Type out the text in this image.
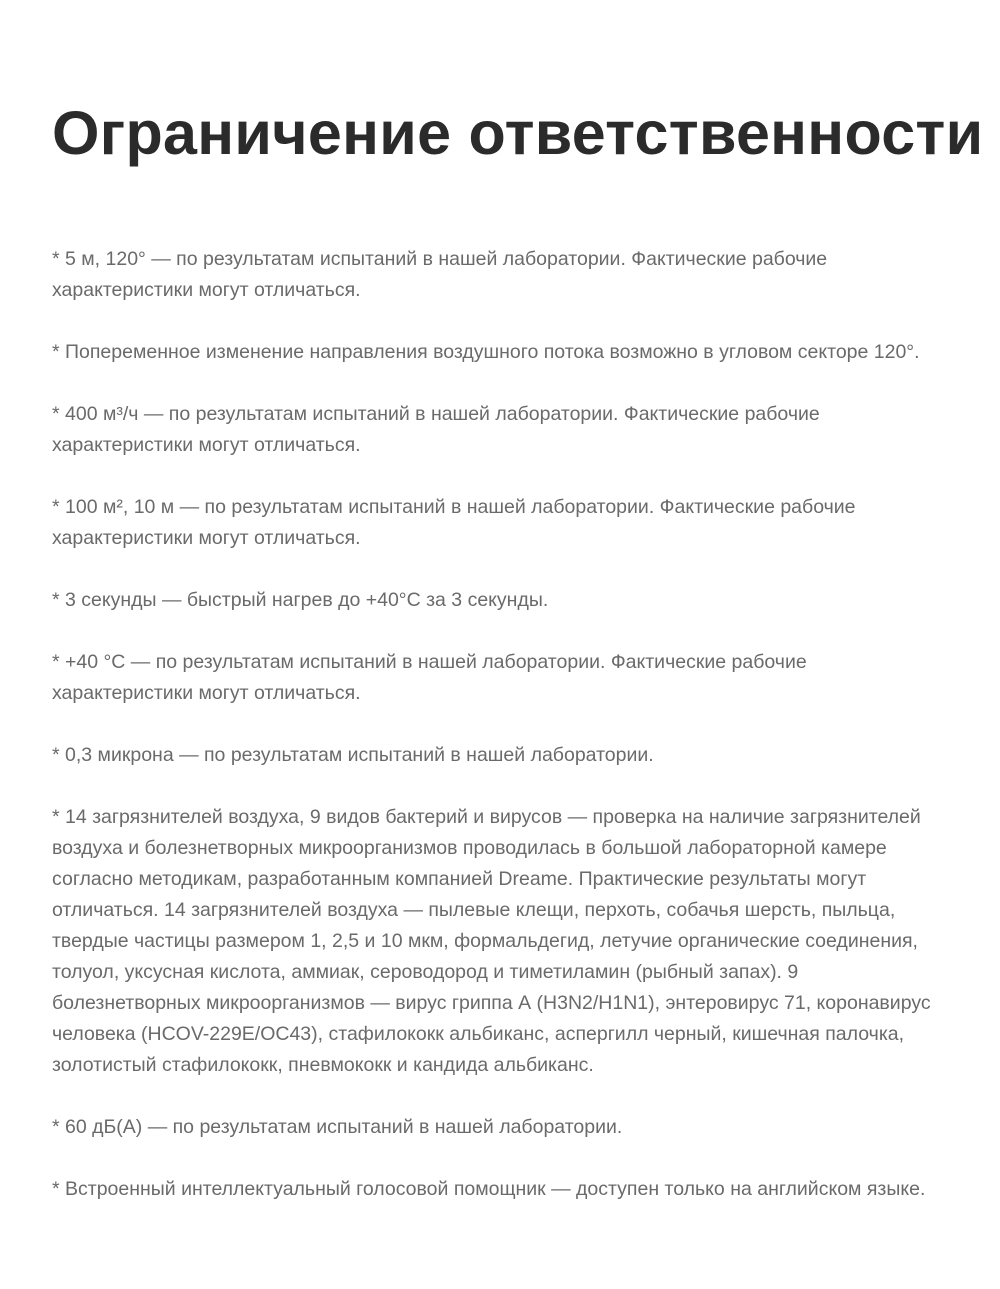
Ограничение ответственности

* 5 м, 120° — по результатам испытаний в нашей лаборатории. Фактические рабочие характеристики могут отличаться.

* Попеременное изменение направления воздушного потока возможно в угловом секторе 120°.

* 400 м³/ч — по результатам испытаний в нашей лаборатории. Фактические рабочие характеристики могут отличаться.

* 100 м², 10 м — по результатам испытаний в нашей лаборатории. Фактические рабочие характеристики могут отличаться.

* 3 секунды — быстрый нагрев до +40°C за 3 секунды.

* +40 °C — по результатам испытаний в нашей лаборатории. Фактические рабочие характеристики могут отличаться.

* 0,3 микрона — по результатам испытаний в нашей лаборатории.

* 14 загрязнителей воздуха, 9 видов бактерий и вирусов — проверка на наличие загрязнителей воздуха и болезнетворных микроорганизмов проводилась в большой лабораторной камере согласно методикам, разработанным компанией Dreame. Практические результаты могут отличаться. 14 загрязнителей воздуха — пылевые клещи, перхоть, собачья шерсть, пыльца, твердые частицы размером 1, 2,5 и 10 мкм, формальдегид, летучие органические соединения, толуол, уксусная кислота, аммиак, сероводород и тиметиламин (рыбный запах). 9 болезнетворных микроорганизмов — вирус гриппа А (H3N2/H1N1), энтеровирус 71, коронавирус человека (HCOV-229E/OC43), стафилококк альбиканс, аспергилл черный, кишечная палочка, золотистый стафилококк, пневмококк и кандида альбиканс.

* 60 дБ(A) — по результатам испытаний в нашей лаборатории.

* Встроенный интеллектуальный голосовой помощник — доступен только на английском языке.
